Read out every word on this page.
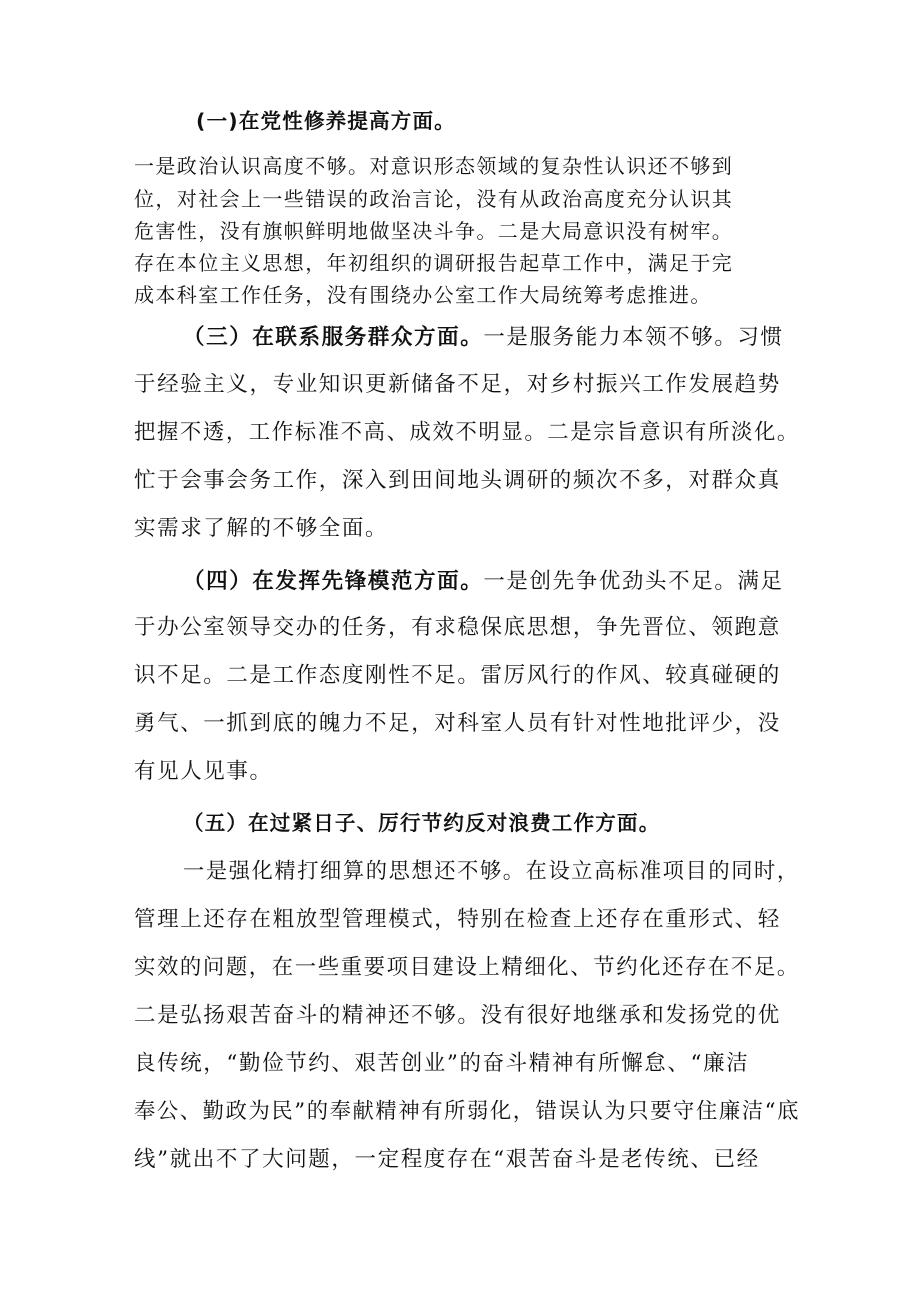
(一)在党性修养提高方面。
一是政治认识高度不够。对意识形态领域的复杂性认识还不够到
位，对社会上一些错误的政治言论，没有从政治高度充分认识其
危害性，没有旗帜鲜明地做坚决斗争。二是大局意识没有树牢。
存在本位主义思想，年初组织的调研报告起草工作中，满足于完
成本科室工作任务，没有围绕办公室工作大局统筹考虑推进。
（三）在联系服务群众方面。一是服务能力本领不够。习惯
于经验主义，专业知识更新储备不足，对乡村振兴工作发展趋势
把握不透，工作标准不高、成效不明显。二是宗旨意识有所淡化。
忙于会事会务工作，深入到田间地头调研的频次不多，对群众真
实需求了解的不够全面。
（四）在发挥先锋模范方面。一是创先争优劲头不足。满足
于办公室领导交办的任务，有求稳保底思想，争先晋位、领跑意
识不足。二是工作态度刚性不足。雷厉风行的作风、较真碰硬的
勇气、一抓到底的魄力不足，对科室人员有针对性地批评少，没
有见人见事。
（五）在过紧日子、厉行节约反对浪费工作方面。
一是强化精打细算的思想还不够。在设立高标准项目的同时，
管理上还存在粗放型管理模式，特别在检查上还存在重形式、轻
实效的问题，在一些重要项目建设上精细化、节约化还存在不足。
二是弘扬艰苦奋斗的精神还不够。没有很好地继承和发扬党的优
良传统，“勤俭节约、艰苦创业”的奋斗精神有所懈怠、“廉洁
奉公、勤政为民”的奉献精神有所弱化，错误认为只要守住廉洁“底
线”就出不了大问题，一定程度存在“艰苦奋斗是老传统、已经
